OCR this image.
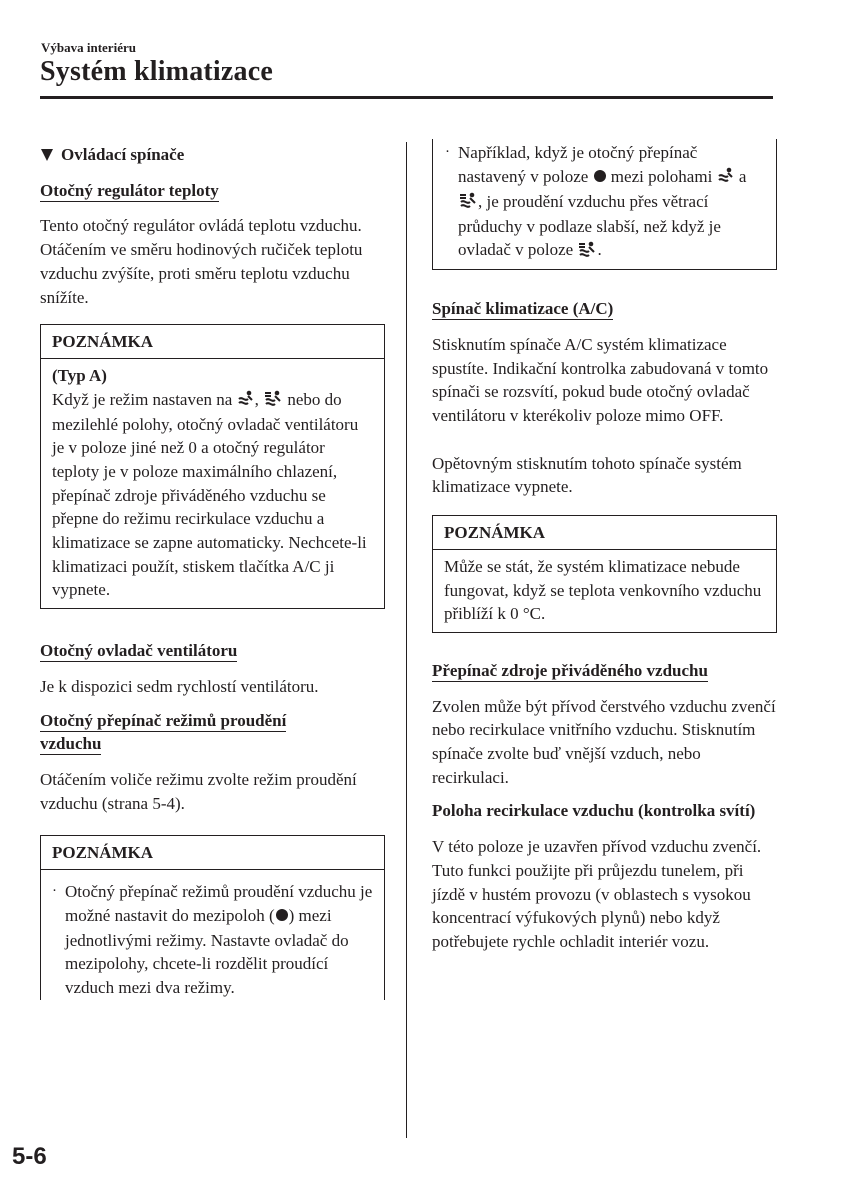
Výbava interiéru
Systém klimatizace
Ovládací spínače
Otočný regulátor teploty

Tento otočný regulátor ovládá teplotu vzduchu. Otáčením ve směru hodinových ručiček teplotu vzduchu zvýšíte, proti směru teplotu vzduchu snížíte.

POZNÁMKA
(Typ A)
Když je režim nastaven na ,  nebo do mezilehlé polohy, otočný ovladač ventilátoru je v poloze jiné než 0 a otočný regulátor teploty je v poloze maximálního chlazení, přepínač zdroje přiváděného vzduchu se přepne do režimu recirkulace vzduchu a klimatizace se zapne automaticky. Nechcete-li klimatizaci použít, stiskem tlačítka A/C ji vypnete.
Otočný ovladač ventilátoru

Je k dispozici sedm rychlostí ventilátoru.

Otočný přepínač režimů proudění
vzduchu

Otáčením voliče režimu zvolte režim proudění vzduchu (strana 5-4).

POZNÁMKA
· Otočný přepínač režimů proudění vzduchu je možné nastavit do mezipoloh ( ) mezi jednotlivými režimy. Nastavte ovladač do mezipolohy, chcete-li rozdělit proudící vzduch mezi dva režimy.
· Například, když je otočný přepínač nastavený v poloze mezi polohami a , je proudění vzduchu přes větrací průduchy v podlaze slabší, než když je ovladač v poloze .
Spínač klimatizace (A/C)

Stisknutím spínače A/C systém klimatizace spustíte. Indikační kontrolka zabudovaná v tomto spínači se rozsvítí, pokud bude otočný ovladač ventilátoru v kterékoliv poloze mimo OFF.

Opětovným stisknutím tohoto spínače systém klimatizace vypnete.

POZNÁMKA
Může se stát, že systém klimatizace nebude fungovat, když se teplota venkovního vzduchu přiblíží k 0 °C.
Přepínač zdroje přiváděného vzduchu

Zvolen může být přívod čerstvého vzduchu zvenčí nebo recirkulace vnitřního vzduchu. Stisknutím spínače zvolte buď vnější vzduch, nebo recirkulaci.

Poloha recirkulace vzduchu (kontrolka svítí)

V této poloze je uzavřen přívod vzduchu zvenčí. Tuto funkci použijte při průjezdu tunelem, při jízdě v hustém provozu (v oblastech s vysokou koncentrací výfukových plynů) nebo když potřebujete rychle ochladit interiér vozu.

5-6
